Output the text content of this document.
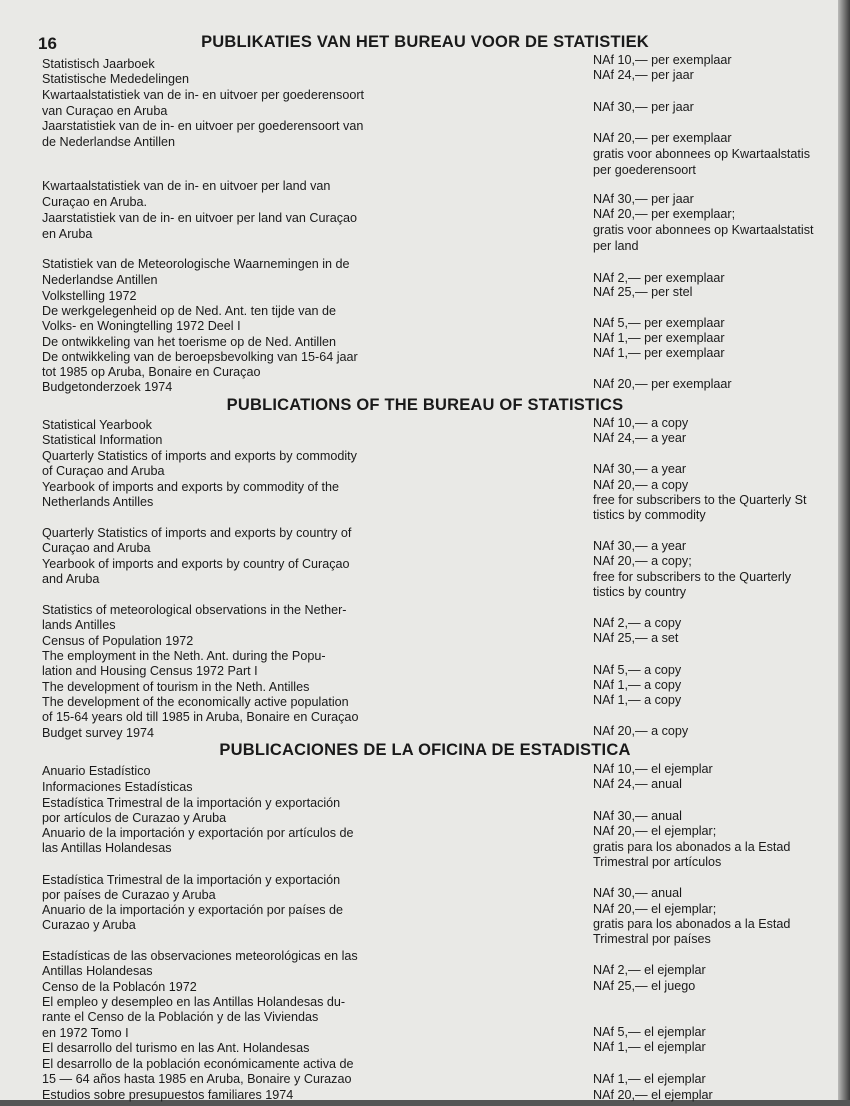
16	PUBLIKATIES VAN HET BUREAU VOOR DE STATISTIEK
Statistisch Jaarboek
Statistische Mededelingen
Kwartaalstatistiek van de in- en uitvoer per goederensoort
van Curaçao en Aruba
Jaarstatistiek van de in- en uitvoer per goederensoort van
de Nederlandse Antillen
Kwartaalstatistiek van de in- en uitvoer per land van
Curaçao en Aruba.
Jaarstatistiek van de in- en uitvoer per land van Curaçao
en Aruba
Statistiek van de Meteorologische Waarnemingen in de
Nederlandse Antillen
Volkstelling 1972
De werkgelegenheid op de Ned. Ant. ten tijde van de
Volks- en Woningtelling 1972 Deel I
De ontwikkeling van het toerisme op de Ned. Antillen
De ontwikkeling van de beroepsbevolking van 15-64 jaar
tot 1985 op Aruba, Bonaire en Curaçao
Budgetonderzoek 1974
NAf 10,— per exemplaar
NAf 24,— per jaar
NAf 30,— per jaar
NAf 20,— per exemplaar
gratis voor abonnees op Kwartaalstatis
per goederensoort
NAf 30,— per jaar
NAf 20,— per exemplaar;
gratis voor abonnees op Kwartaalstatist
per land
NAf 2,— per exemplaar
NAf 25,— per stel
NAf 5,— per exemplaar
NAf 1,— per exemplaar
NAf 1,— per exemplaar
NAf 20,— per exemplaar
PUBLICATIONS OF THE BUREAU OF STATISTICS
Statistical Yearbook
Statistical Information
Quarterly Statistics of imports and exports by commodity
of Curaçao and Aruba
Yearbook of imports and exports by commodity of the
Netherlands Antilles
Quarterly Statistics of imports and exports by country of
Curaçao and Aruba
Yearbook of imports and exports by country of Curaçao
and Aruba
Statistics of meteorological observations in the Nether-
lands Antilles
Census of Population 1972
The employment in the Neth. Ant. during the Popu-
lation and Housing Census 1972 Part I
The development of tourism in the Neth. Antilles
The development of the economically active population
of 15-64 years old till 1985 in Aruba, Bonaire en Curaçao
Budget survey 1974
NAf 10,— a copy
NAf 24,— a year
NAf 30,— a year
NAf 20,— a copy
free for subscribers to the Quarterly St
tistics by commodity
NAf 30,— a year
NAf 20,— a copy;
free for subscribers to the Quarterly
tistics by country
NAf 2,— a copy
NAf 25,— a set
NAf 5,— a copy
NAf 1,— a copy
NAf 1,— a copy
NAf 20,— a copy
PUBLICACIONES DE LA OFICINA DE ESTADISTICA
Anuario Estadístico
Informaciones Estadísticas
Estadística Trimestral de la importación y exportación
por artículos de Curazao y Aruba
Anuario de la importación y exportación por artículos de
las Antillas Holandesas
Estadística Trimestral de la importación y exportación
por países de Curazao y Aruba
Anuario de la importación y exportación por países de
Curazao y Aruba
Estadísticas de las observaciones meteorológicas en las
Antillas Holandesas
Censo de la Poblacón 1972
El empleo y desempleo en las Antillas Holandesas du-
rante el Censo de la Población y de las Viviendas
en 1972 Tomo I
El desarrollo del turismo en las Ant. Holandesas
El desarrollo de la población económicamente activa de
15 — 64 años hasta 1985 en Aruba, Bonaire y Curazao
Estudios sobre presupuestos familiares 1974
NAf 10,— el ejemplar
NAf 24,— anual
NAf 30,— anual
NAf 20,— el ejemplar;
gratis para los abonados a la Estad
Trimestral por artículos
NAf 30,— anual
NAf 20,— el ejemplar;
gratis para los abonados a la Estad
Trimestral por países
NAf 2,— el ejemplar
NAf 25,— el juego
NAf 5,— el ejemplar
NAf 1,— el ejemplar
NAf 1,— el ejemplar
NAf 20,— el ejemplar
